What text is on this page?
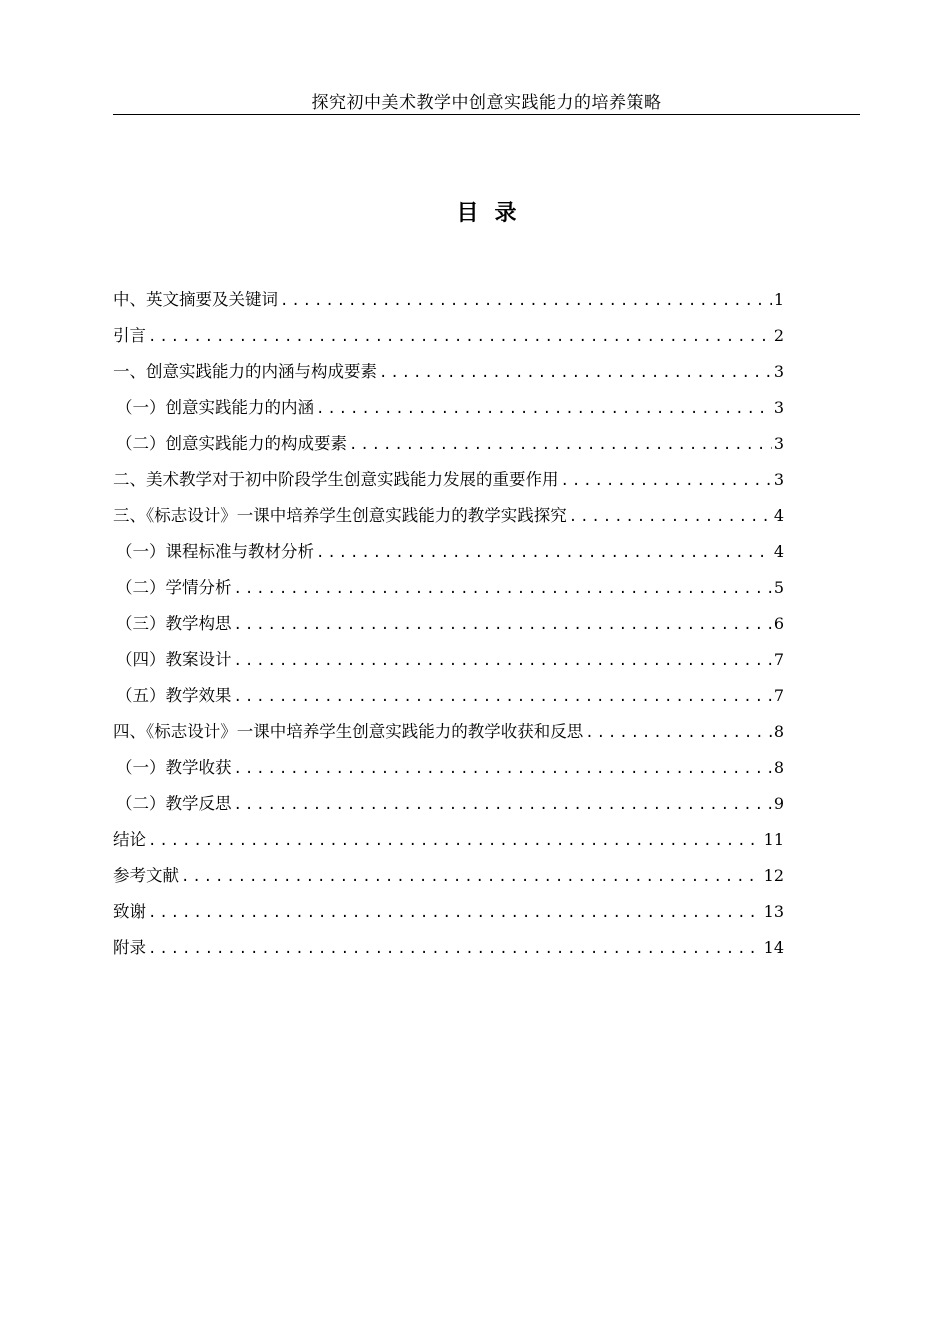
探究初中美术教学中创意实践能力的培养策略
目录
中、英文摘要及关键词 .....	1
引言 .....	2
一、创意实践能力的内涵与构成要素 .....	3
（一）创意实践能力的内涵 .....	3
（二）创意实践能力的构成要素 .....	3
二、美术教学对于初中阶段学生创意实践能力发展的重要作用 .....	3
三、《标志设计》一课中培养学生创意实践能力的教学实践探究 .....	4
（一）课程标准与教材分析 .....	4
（二）学情分析 .....	5
（三）教学构思 .....	6
（四）教案设计 .....	7
（五）教学效果 .....	7
四、《标志设计》一课中培养学生创意实践能力的教学收获和反思 .....	8
（一）教学收获 .....	8
（二）教学反思 .....	9
结论 .....	11
参考文献 .....	12
致谢 .....	13
附录 .....	14
